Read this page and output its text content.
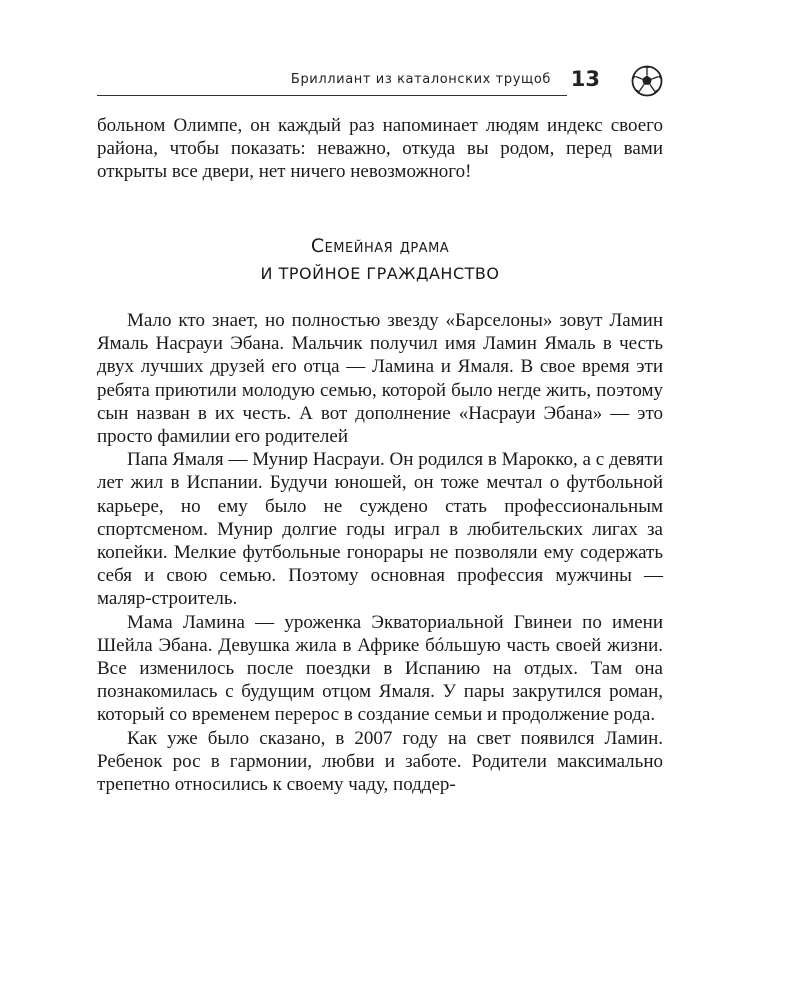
Бриллиант из каталонских трущоб 13

больном Олимпе, он каждый раз напоминает людям индекс своего района, чтобы показать: неважно, откуда вы родом, перед вами открыты все двери, нет ничего невозможного!

Семейная драма
И ТРОЙНОЕ ГРАЖДАНСТВО

Мало кто знает, но полностью звезду «Барселоны» зовут Ламин Ямаль Насрауи Эбана. Мальчик получил имя Ламин Ямаль в честь двух лучших друзей его отца — Ламина и Ямаля. В свое время эти ребята приютили молодую семью, которой было негде жить, поэтому сын назван в их честь. А вот дополнение «Насрауи Эбана» — это просто фамилии его родителей

Папа Ямаля — Мунир Насрауи. Он родился в Марокко, а с девяти лет жил в Испании. Будучи юношей, он тоже мечтал о футбольной карьере, но ему было не суждено стать профессиональным спортсменом. Мунир долгие годы играл в любительских лигах за копейки. Мелкие футбольные гонорары не позволяли ему содержать себя и свою семью. Поэтому основная профессия мужчины — маляр-строитель.

Мама Ламина — уроженка Экваториальной Гвинеи по имени Шейла Эбана. Девушка жила в Африке бóльшую часть своей жизни. Все изменилось после поездки в Испанию на отдых. Там она познакомилась с будущим отцом Ямаля. У пары закрутился роман, который со временем перерос в создание семьи и продолжение рода.

Как уже было сказано, в 2007 году на свет появился Ламин. Ребенок рос в гармонии, любви и заботе. Родители максимально трепетно относились к своему чаду, поддер-
